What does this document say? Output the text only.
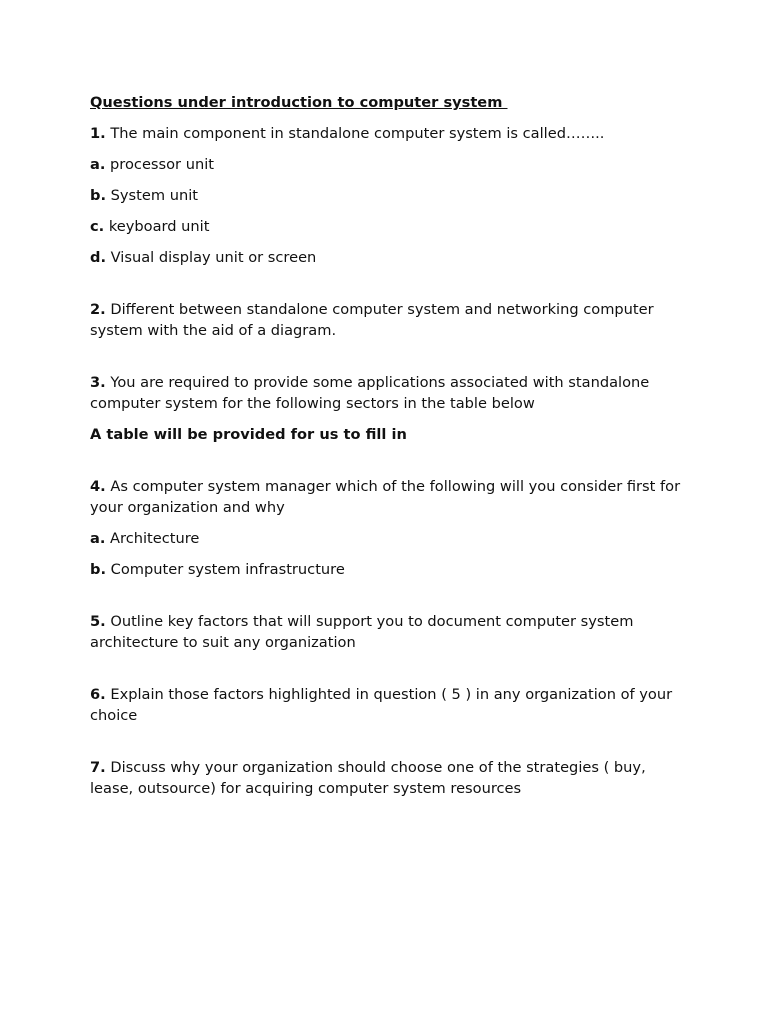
Questions under introduction to computer system
1. The main component in standalone computer system is called……..
a. processor unit
b. System unit
c. keyboard unit
d. Visual display unit or screen
2. Different between standalone computer system and networking computer system with the aid of a diagram.
3. You are required to provide some applications associated with standalone computer system for the following sectors in the table below
A table will be provided for us to fill in
4. As computer system manager which of the following will you consider first for your organization and why
a. Architecture
b. Computer system infrastructure
5. Outline key factors that will support you to document computer system architecture to suit any organization
6. Explain those factors highlighted in question ( 5 ) in any organization of your choice
7. Discuss why your organization should choose one of the strategies ( buy, lease, outsource) for acquiring computer system resources
